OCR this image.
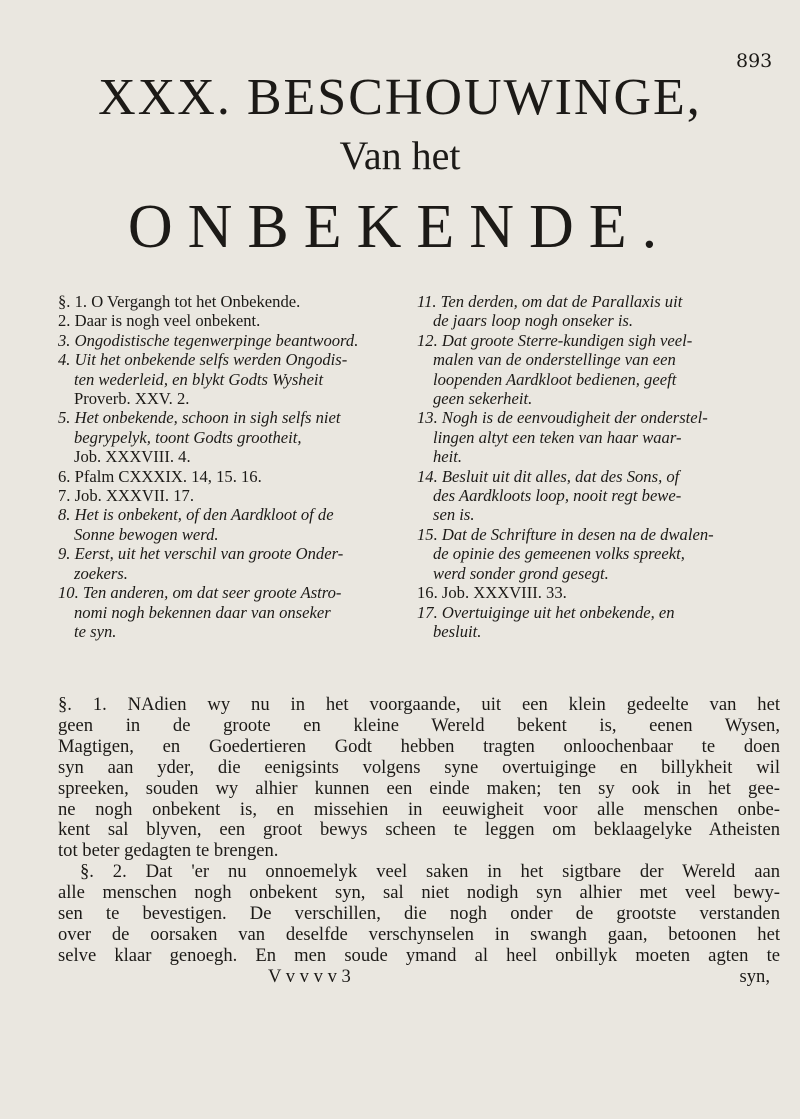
893
XXX. BESCHOUWINGE,
Van het
ONBEKENDE.
§. 1. O Vergangh tot het Onbekende.
2. Daar is nogh veel onbekent.
3. Ongodistische tegenwerpinge beantwoord.
4. Uit het onbekende selfs werden Ongodis-
ten wederleid, en blykt Godts Wysheit
Proverb. XXV. 2.
5. Het onbekende, schoon in sigh selfs niet
begrypelyk, toont Godts grootheit,
Job. XXXVIII. 4.
6. Pfalm CXXXIX. 14, 15. 16.
7. Job. XXXVII. 17.
8. Het is onbekent, of den Aardkloot of de
Sonne bewogen werd.
9. Eerst, uit het verschil van groote Onder-
zoekers.
10. Ten anderen, om dat seer groote Astro-
nomi nogh bekennen daar van onseker
te syn.
11. Ten derden, om dat de Parallaxis uit
de jaars loop nogh onseker is.
12. Dat groote Sterre-kundigen sigh veel-
malen van de onderstellinge van een
loopenden Aardkloot bedienen, geeft
geen sekerheit.
13. Nogh is de eenvoudigheit der onderstel-
lingen altyt een teken van haar waar-
heit.
14. Besluit uit dit alles, dat des Sons, of
des Aardkloots loop, nooit regt bewe-
sen is.
15. Dat de Schrifture in desen na de dwalen-
de opinie des gemeenen volks spreekt,
werd sonder grond gesegt.
16. Job. XXXVIII. 33.
17. Overtuiginge uit het onbekende, en
besluit.
§. 1. NAdien wy nu in het voorgaande, uit een klein gedeelte van het
geen in de groote en kleine Wereld bekent is, eenen Wysen,
Magtigen, en Goedertieren Godt hebben tragten onloochenbaar te doen
syn aan yder, die eenigsints volgens syne overtuiginge en billykheit wil
spreeken, souden wy alhier kunnen een einde maken; ten sy ook in het gee-
ne nogh onbekent is, en missehien in eeuwigheit voor alle menschen onbe-
kent sal blyven, een groot bewys scheen te leggen om beklaagelyke Atheisten
tot beter gedagten te brengen.
§. 2. Dat 'er nu onnoemelyk veel saken in het sigtbare der Wereld aan
alle menschen nogh onbekent syn, sal niet nodigh syn alhier met veel bewy-
sen te bevestigen. De verschillen, die nogh onder de grootste verstanden
over de oorsaken van deselfde verschynselen in swangh gaan, betoonen het
selve klaar genoegh. En men soude ymand al heel onbillyk moeten agten te
V v v v v 3	syn,
